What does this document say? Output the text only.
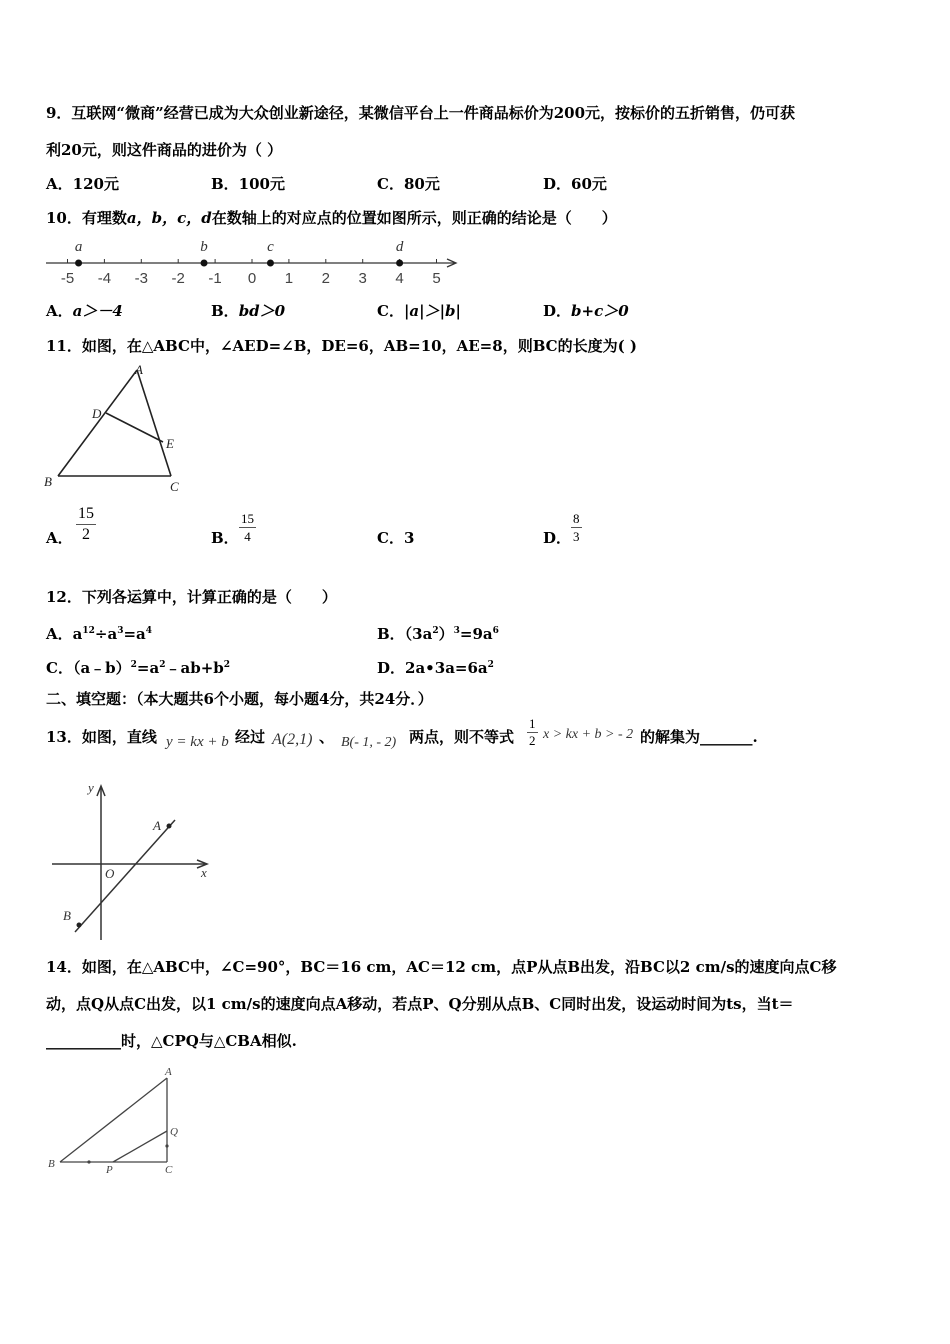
9．互联网“微商”经营已成为大众创业新途径，某微信平台上一件商品标价为200元，按标价的五折销售，仍可获
利20元，则这件商品的进价为（ ）
A．120元	B．100元	C．80元	D．60元
10．有理数a，b，c，d在数轴上的对应点的位置如图所示，则正确的结论是（　　）
-5 -4 -3 -2 -1 0 1 2 3 4 5
a	b	c	d
A．a＞－4	B．bd＞0	C．|a|＞|b|	D．b+c＞0
11．如图，在△ABC中，∠AED=∠B，DE=6，AB=10，AE=8，则BC的长度为( )
A
D
E
B	C
A． $\frac{15}{2}$	B． $\frac{15}{4}$	C．3	D． $\frac{8}{3}$
12．下列各运算中，计算正确的是（　　）
A．$a^{12}\div a^3=a^4$	B．$(3a^2)^3=9a^6$
C．$(a﹣b)^2=a^2﹣ab+b^2$	D．$2a•3a=6a^2$
二、填空题：（本大题共6个小题，每小题4分，共24分．）
13．如图，直线 y = kx + b 经过 A(2,1) 、 B(- 1, - 2) 两点，则不等式 $\frac{1}{2}$ x > kx + b > - 2 的解集为_______.
y
x
O
A
B
14．如图，在△ABC中，∠C=90°，BC＝16 cm，AC＝12 cm，点P从点B出发，沿BC以2 cm/s的速度向点C移
动，点Q从点C出发，以1 cm/s的速度向点A移动，若点P、Q分别从点B、C同时出发，设运动时间为ts，当t＝
__________时，△CPQ与△CBA相似.
A
Q
B	P	C
